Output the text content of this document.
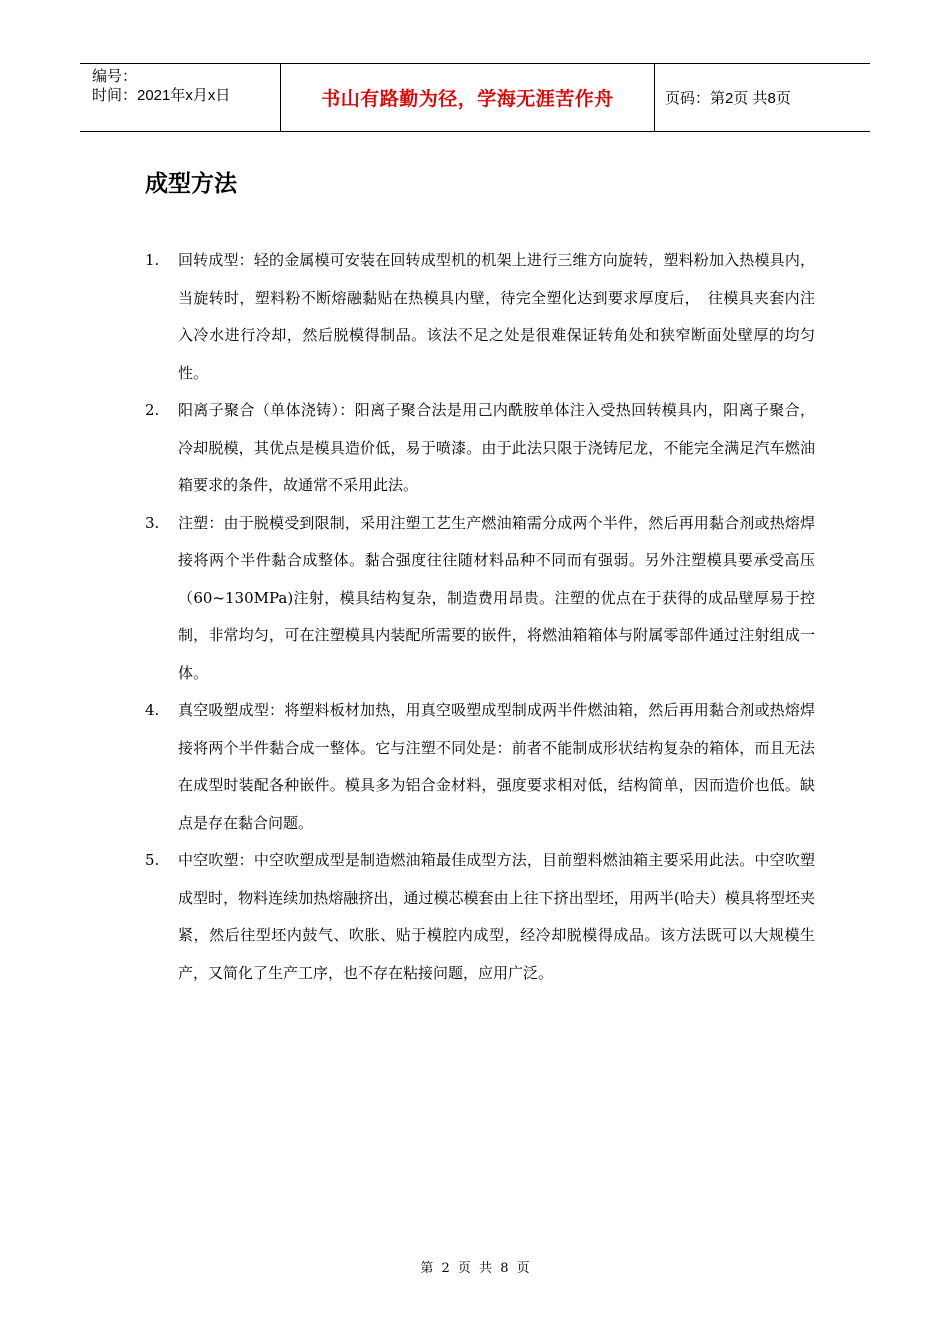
编号：
时间：2021年x月x日	书山有路勤为径，学海无涯苦作舟	页码：第2页 共8页
成型方法
1. 回转成型：轻的金属模可安装在回转成型机的机架上进行三维方向旋转，塑料粉加入热模具内，当旋转时，塑料粉不断熔融黏贴在热模具内壁，待完全塑化达到要求厚度后，　往模具夹套内注入冷水进行冷却，然后脱模得制品。该法不足之处是很难保证转角处和狭窄断面处壁厚的均匀性。
2. 阳离子聚合（单体浇铸）：阳离子聚合法是用己内酰胺单体注入受热回转模具内，阳离子聚合，冷却脱模，其优点是模具造价低，易于喷漆。由于此法只限于浇铸尼龙，不能完全满足汽车燃油箱要求的条件，故通常不采用此法。
3. 注塑：由于脱模受到限制，采用注塑工艺生产燃油箱需分成两个半件，然后再用黏合剂或热熔焊接将两个半件黏合成整体。黏合强度往往随材料品种不同而有强弱。另外注塑模具要承受高压（60~130MPa)注射，模具结构复杂，制造费用昂贵。注塑的优点在于获得的成品壁厚易于控制，非常均匀，可在注塑模具内装配所需要的嵌件，将燃油箱箱体与附属零部件通过注射组成一体。
4. 真空吸塑成型：将塑料板材加热，用真空吸塑成型制成两半件燃油箱，然后再用黏合剂或热熔焊接将两个半件黏合成一整体。它与注塑不同处是：前者不能制成形状结构复杂的箱体，而且无法在成型时装配各种嵌件。模具多为铝合金材料，强度要求相对低，结构简单，因而造价也低。缺点是存在黏合问题。
5. 中空吹塑：中空吹塑成型是制造燃油箱最佳成型方法，目前塑料燃油箱主要采用此法。中空吹塑成型时，物料连续加热熔融挤出，通过模芯模套由上往下挤出型坯，用两半(哈夫）模具将型坯夹紧，然后往型坯内鼓气、吹胀、贴于模腔内成型，经冷却脱模得成品。该方法既可以大规模生产，又简化了生产工序，也不存在粘接问题，应用广泛。
第 2 页 共 8 页
